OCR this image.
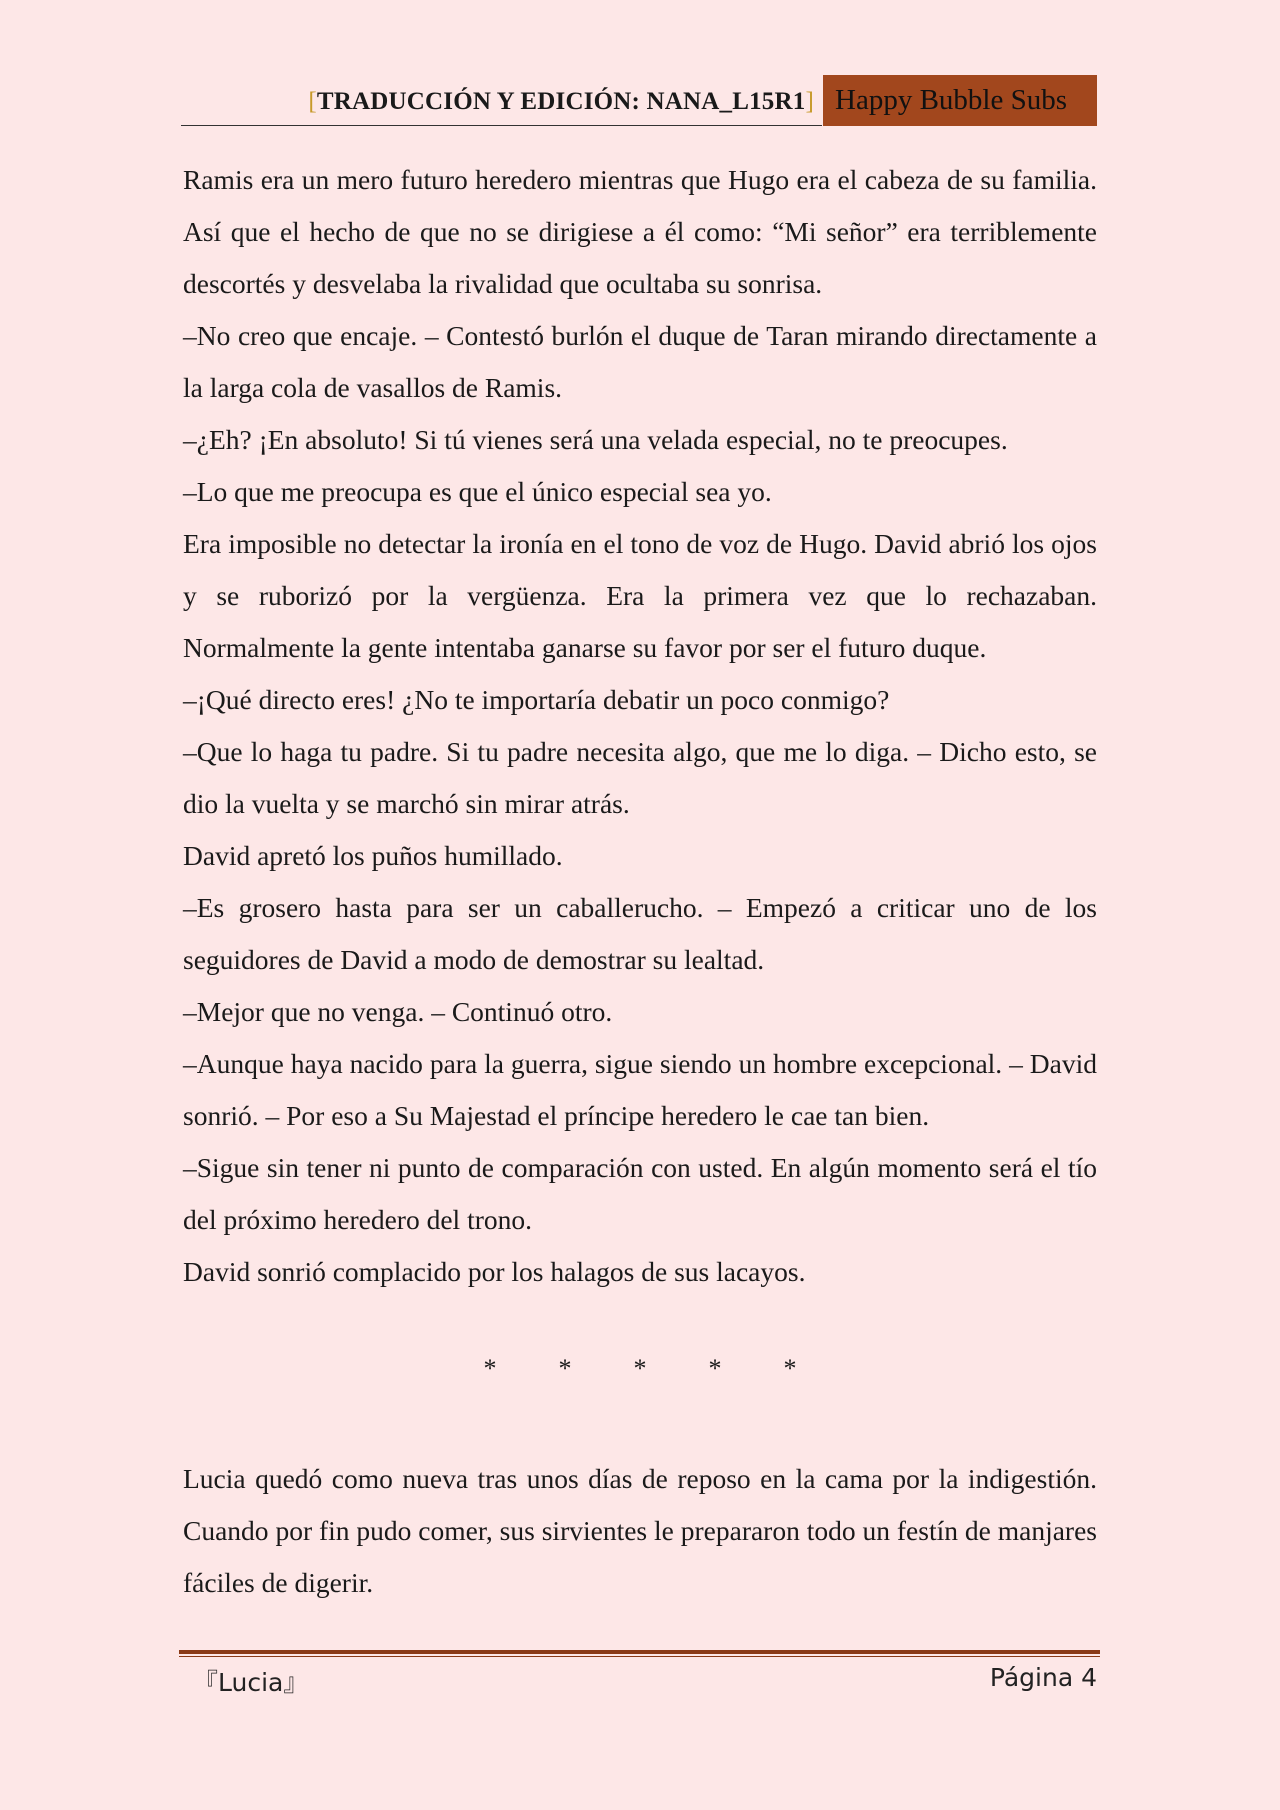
[TRADUCCIÓN Y EDICIÓN: NANA_L15R1] Happy Bubble Subs

Ramis era un mero futuro heredero mientras que Hugo era el cabeza de su familia. Así que el hecho de que no se dirigiese a él como: “Mi señor” era terriblemente descortés y desvelaba la rivalidad que ocultaba su sonrisa.

–No creo que encaje. – Contestó burlón el duque de Taran mirando directamente a la larga cola de vasallos de Ramis.

–¿Eh? ¡En absoluto! Si tú vienes será una velada especial, no te preocupes.

–Lo que me preocupa es que el único especial sea yo.

Era imposible no detectar la ironía en el tono de voz de Hugo. David abrió los ojos y se ruborizó por la vergüenza. Era la primera vez que lo rechazaban. Normalmente la gente intentaba ganarse su favor por ser el futuro duque.

–¡Qué directo eres! ¿No te importaría debatir un poco conmigo?

–Que lo haga tu padre. Si tu padre necesita algo, que me lo diga. – Dicho esto, se dio la vuelta y se marchó sin mirar atrás.

David apretó los puños humillado.

–Es grosero hasta para ser un caballerucho. – Empezó a criticar uno de los seguidores de David a modo de demostrar su lealtad.

–Mejor que no venga. – Continuó otro.

–Aunque haya nacido para la guerra, sigue siendo un hombre excepcional. – David sonrió. – Por eso a Su Majestad el príncipe heredero le cae tan bien.

–Sigue sin tener ni punto de comparación con usted. En algún momento será el tío del próximo heredero del trono.

David sonrió complacido por los halagos de sus lacayos.

* * * * *

Lucia quedó como nueva tras unos días de reposo en la cama por la indigestión. Cuando por fin pudo comer, sus sirvientes le prepararon todo un festín de manjares fáciles de digerir.

『Lucia』	Página 4
